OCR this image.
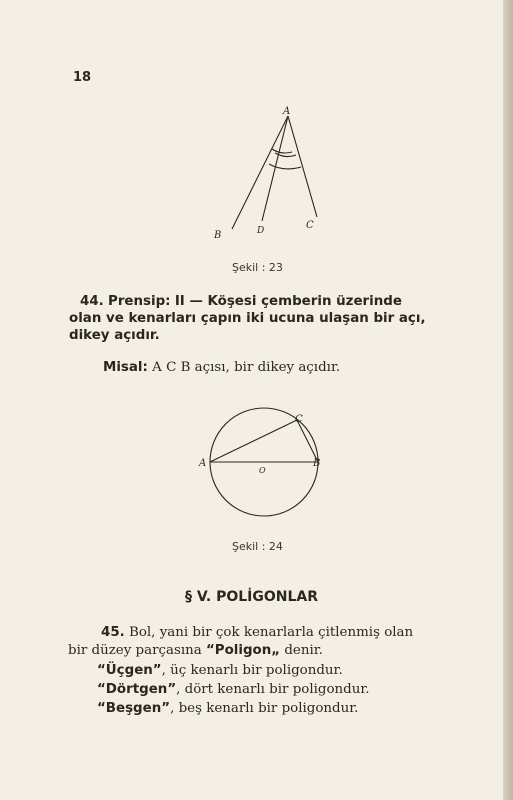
18
A
B	D	C
Şekil : 23
44. Prensip: II — Köşesi çemberin üzerinde
olan ve kenarları çapın iki ucuna ulaşan bir açı,
dikey açıdır.
Misal: A C B açısı, bir dikey açıdır.
A	B
C
O
Şekil : 24
§ V. POLİGONLAR
45. Bol, yani bir çok kenarlarla çitlenmiş olan
bir düzey parçasına “Poligon„ denir.
“Üçgen”, üç kenarlı bir poligondur.
“Dörtgen”, dört kenarlı bir poligondur.
“Beşgen”, beş kenarlı bir poligondur.
